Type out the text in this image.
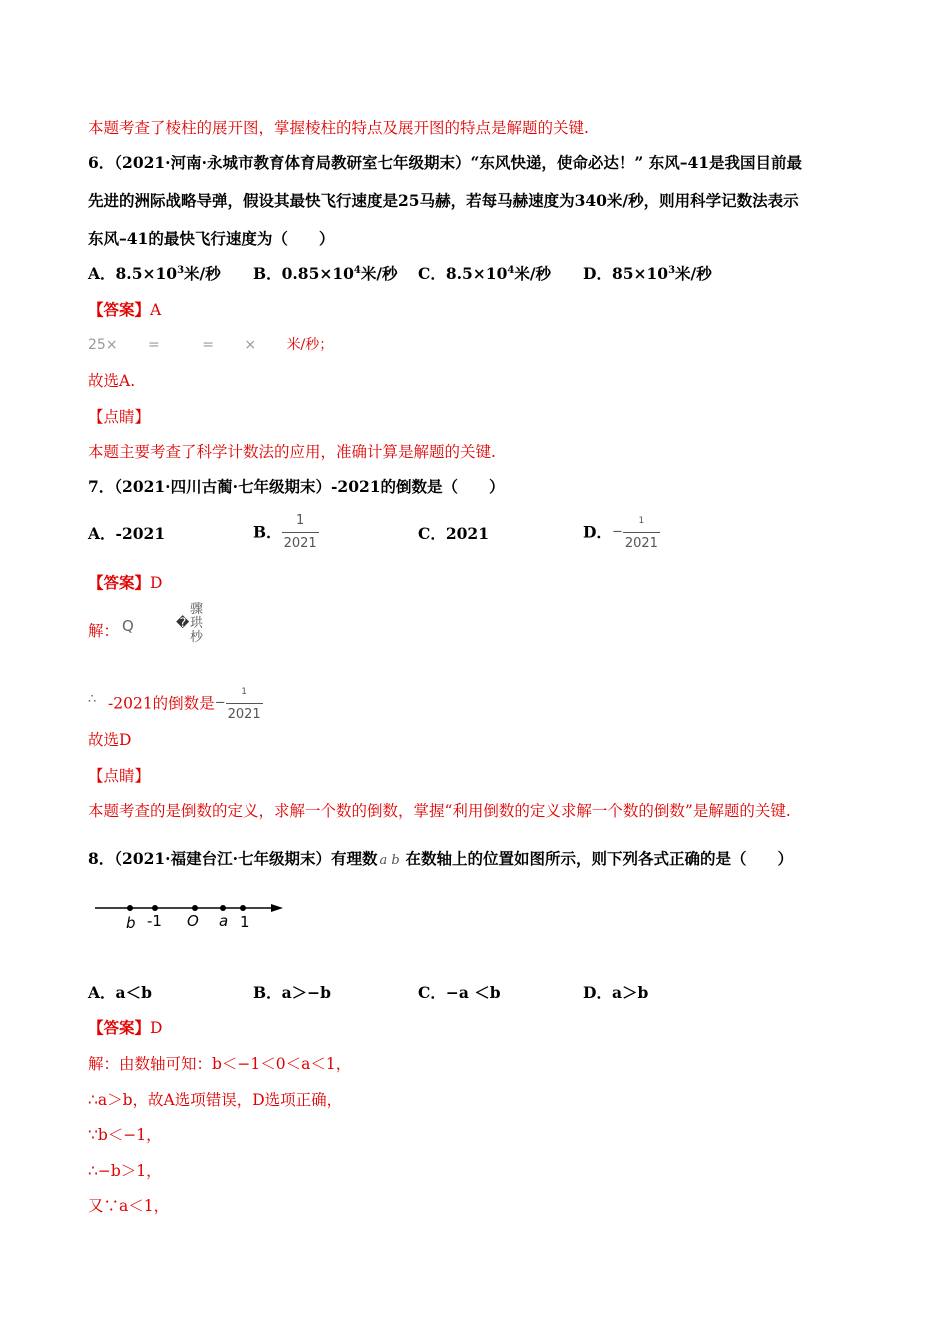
本题考查了棱柱的展开图，掌握棱柱的特点及展开图的特点是解题的关键.
6．（2021·河南·永城市教育体育局教研室七年级期末）“东风快递，使命必达！” 东风–41是我国目前最
先进的洲际战略导弹，假设其最快飞行速度是25马赫，若每马赫速度为340米/秒，则用科学记数法表示
东风–41的最快飞行速度为（　　）
A．$8.5\times 10^3$米/秒 B．$0.85\times 10^4$米/秒 C．$8.5\times 10^4$米/秒 D．$85\times 10^3$米/秒
【答案】A
25× =	= × 米/秒；
故选A.
【点睛】
本题主要考查了科学计数法的应用，准确计算是解题的关键.
7．（2021·四川古蔺·七年级期末）-2021的倒数是（　　）
A．-2021	B． $\frac{1}{2021}$	C．2021	D．− $\frac{1}{2021}$
【答案】D
解： Q	�
骤
珙
杪
∴ -2021的倒数是− $\frac{1}{2021}$
故选D
【点睛】
本题考查的是倒数的定义，求解一个数的倒数，掌握“利用倒数的定义求解一个数的倒数”是解题的关键.
8．（2021·福建台江·七年级期末）有理数 a b 在数轴上的位置如图所示，则下列各式正确的是（　　）
b -1 O a 1
A．a＜b	B．a＞−b	C．−a ＜b	D．a＞b
【答案】D
解：由数轴可知：b＜−1＜0＜a＜1，
∴a＞b，故A选项错误，D选项正确，
∵b＜−1，
∴−b＞1，
又∵a＜1，
